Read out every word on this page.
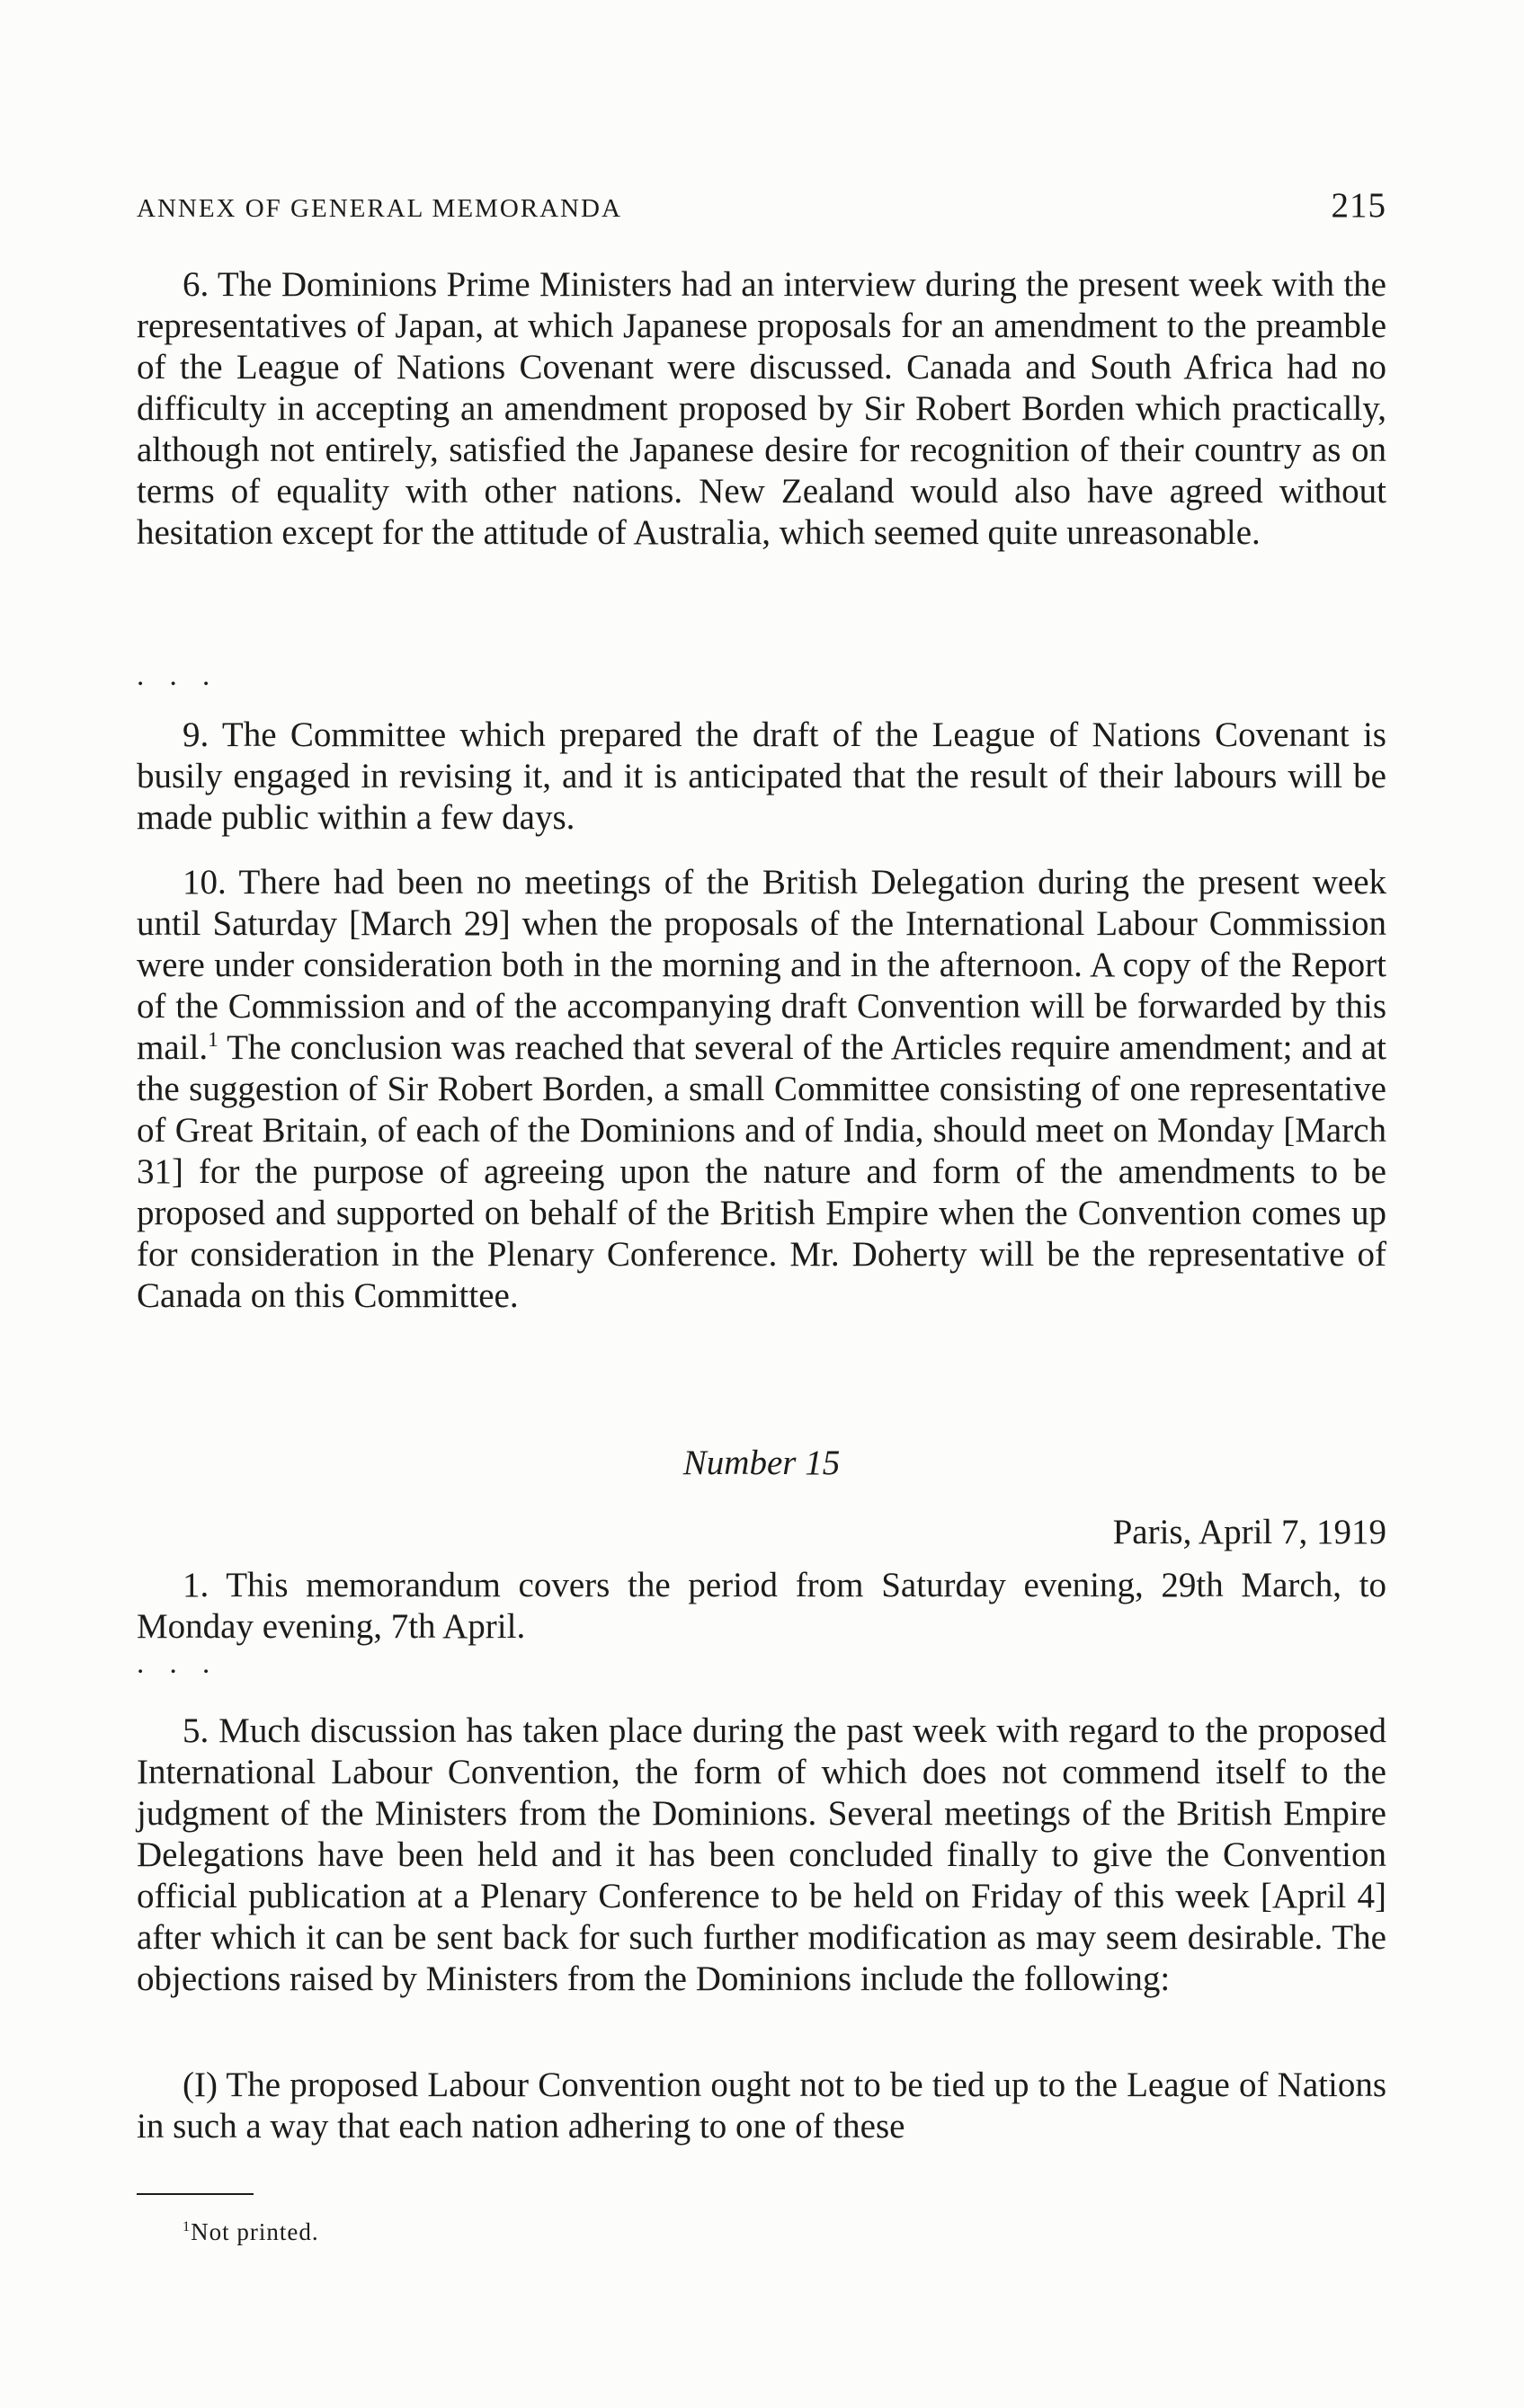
ANNEX OF GENERAL MEMORANDA	215

6. The Dominions Prime Ministers had an interview during the present week with the representatives of Japan, at which Japanese proposals for an amendment to the preamble of the League of Nations Covenant were discussed. Canada and South Africa had no difficulty in accepting an amendment proposed by Sir Robert Borden which practically, although not entirely, satisfied the Japanese desire for recognition of their country as on terms of equality with other nations. New Zealand would also have agreed without hesitation except for the attitude of Australia, which seemed quite unreasonable.

. . .

9. The Committee which prepared the draft of the League of Nations Covenant is busily engaged in revising it, and it is anticipated that the result of their labours will be made public within a few days.

10. There had been no meetings of the British Delegation during the present week until Saturday [March 29] when the proposals of the International Labour Commission were under consideration both in the morning and in the afternoon. A copy of the Report of the Commission and of the accompanying draft Convention will be forwarded by this mail.$^1$ The conclusion was reached that several of the Articles require amendment; and at the suggestion of Sir Robert Borden, a small Committee consisting of one representative of Great Britain, of each of the Dominions and of India, should meet on Monday [March 31] for the purpose of agreeing upon the nature and form of the amendments to be proposed and supported on behalf of the British Empire when the Convention comes up for consideration in the Plenary Conference. Mr. Doherty will be the representative of Canada on this Committee.

Number 15
Paris, April 7, 1919

1. This memorandum covers the period from Saturday evening, 29th March, to Monday evening, 7th April.

. . .

5. Much discussion has taken place during the past week with regard to the proposed International Labour Convention, the form of which does not commend itself to the judgment of the Ministers from the Dominions. Several meetings of the British Empire Delegations have been held and it has been concluded finally to give the Convention official publication at a Plenary Conference to be held on Friday of this week [April 4] after which it can be sent back for such further modification as may seem desirable. The objections raised by Ministers from the Dominions include the following:

(I) The proposed Labour Convention ought not to be tied up to the League of Nations in such a way that each nation adhering to one of these

$^1$Not printed.
